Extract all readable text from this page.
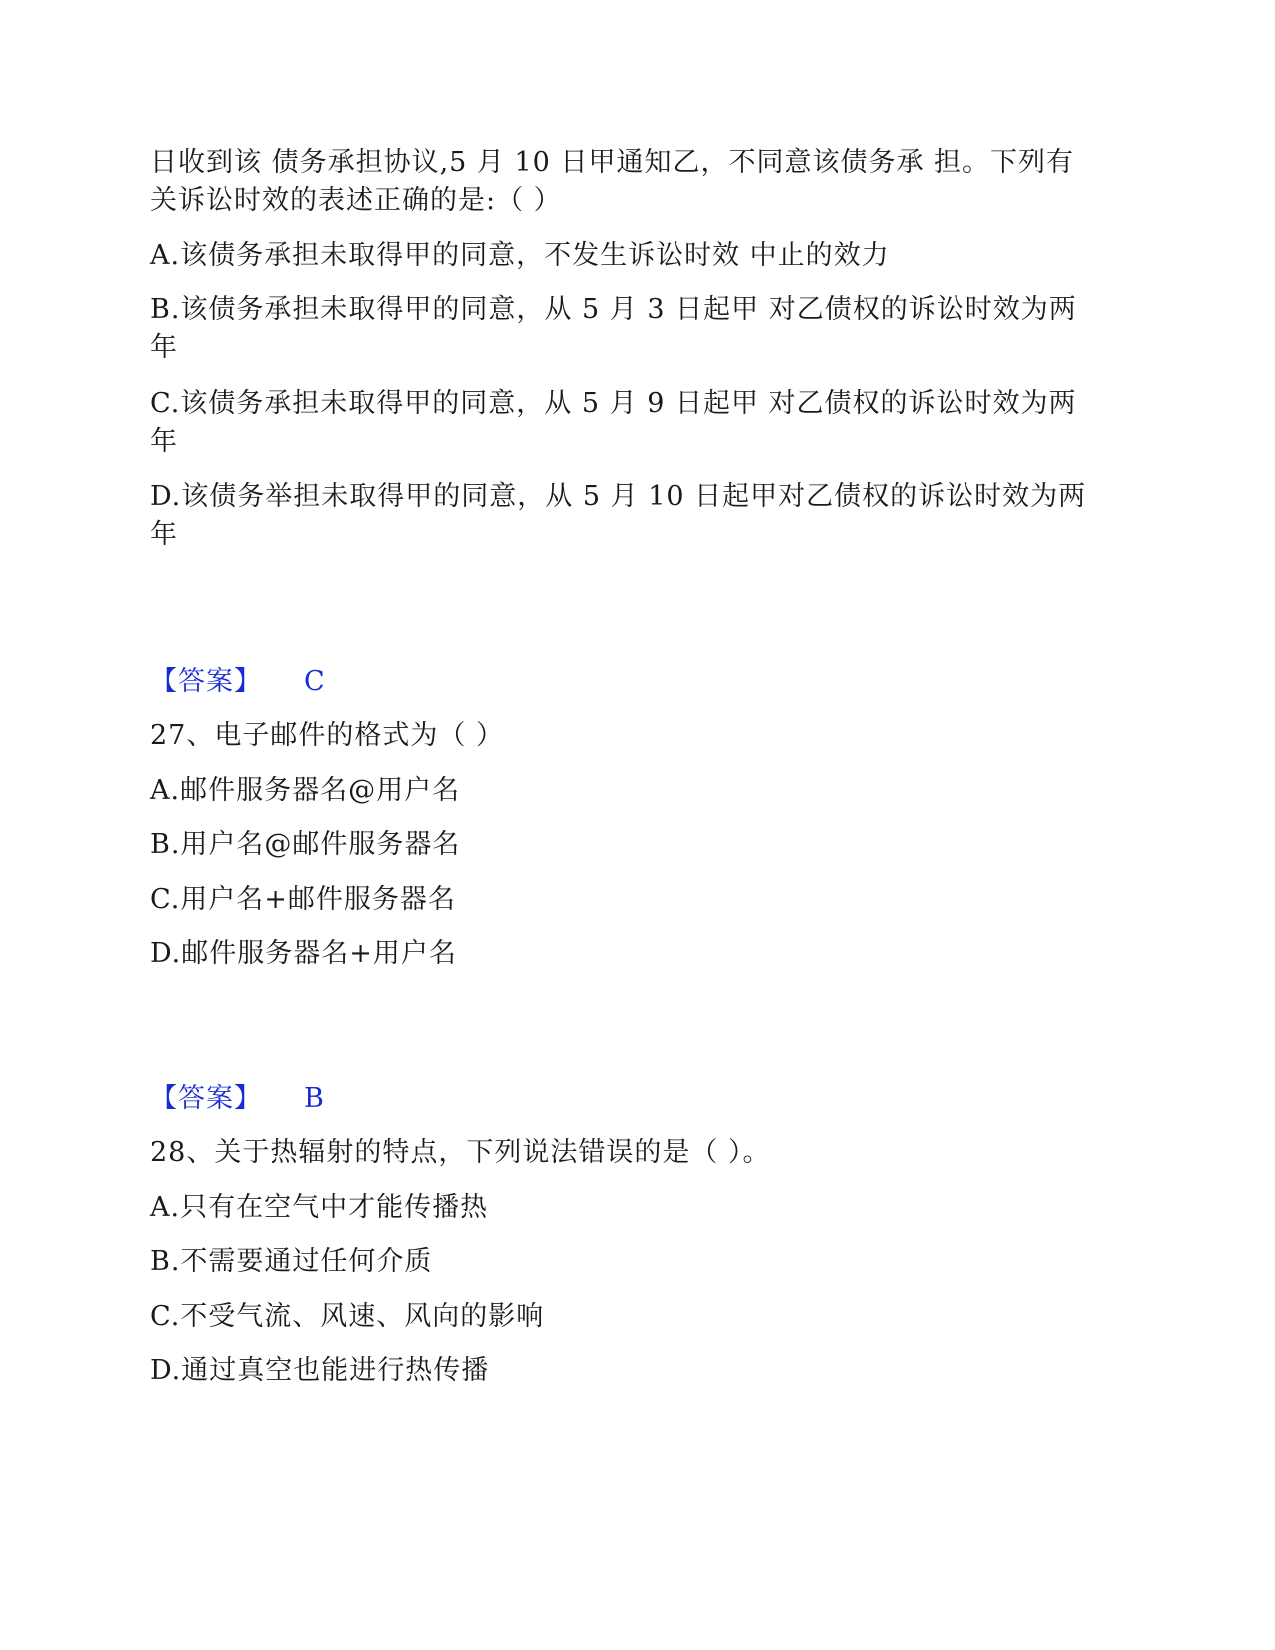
日收到该 债务承担协议,5 月 10 日甲通知乙，不同意该债务承 担。下列有
关诉讼时效的表述正确的是:（ ）
A.该债务承担未取得甲的同意，不发生诉讼时效 中止的效力
B.该债务承担未取得甲的同意，从 5 月 3 日起甲 对乙债权的诉讼时效为两
年
C.该债务承担未取得甲的同意，从 5 月 9 日起甲 对乙债权的诉讼时效为两
年
D.该债务举担未取得甲的同意，从 5 月 10 日起甲对乙债权的诉讼时效为两
年
【答案】 C
27、电子邮件的格式为（ ）
A.邮件服务器名@用户名
B.用户名@邮件服务器名
C.用户名+邮件服务器名
D.邮件服务器名+用户名
【答案】 B
28、关于热辐射的特点，下列说法错误的是（ ）。
A.只有在空气中才能传播热
B.不需要通过任何介质
C.不受气流、风速、风向的影响
D.通过真空也能进行热传播
